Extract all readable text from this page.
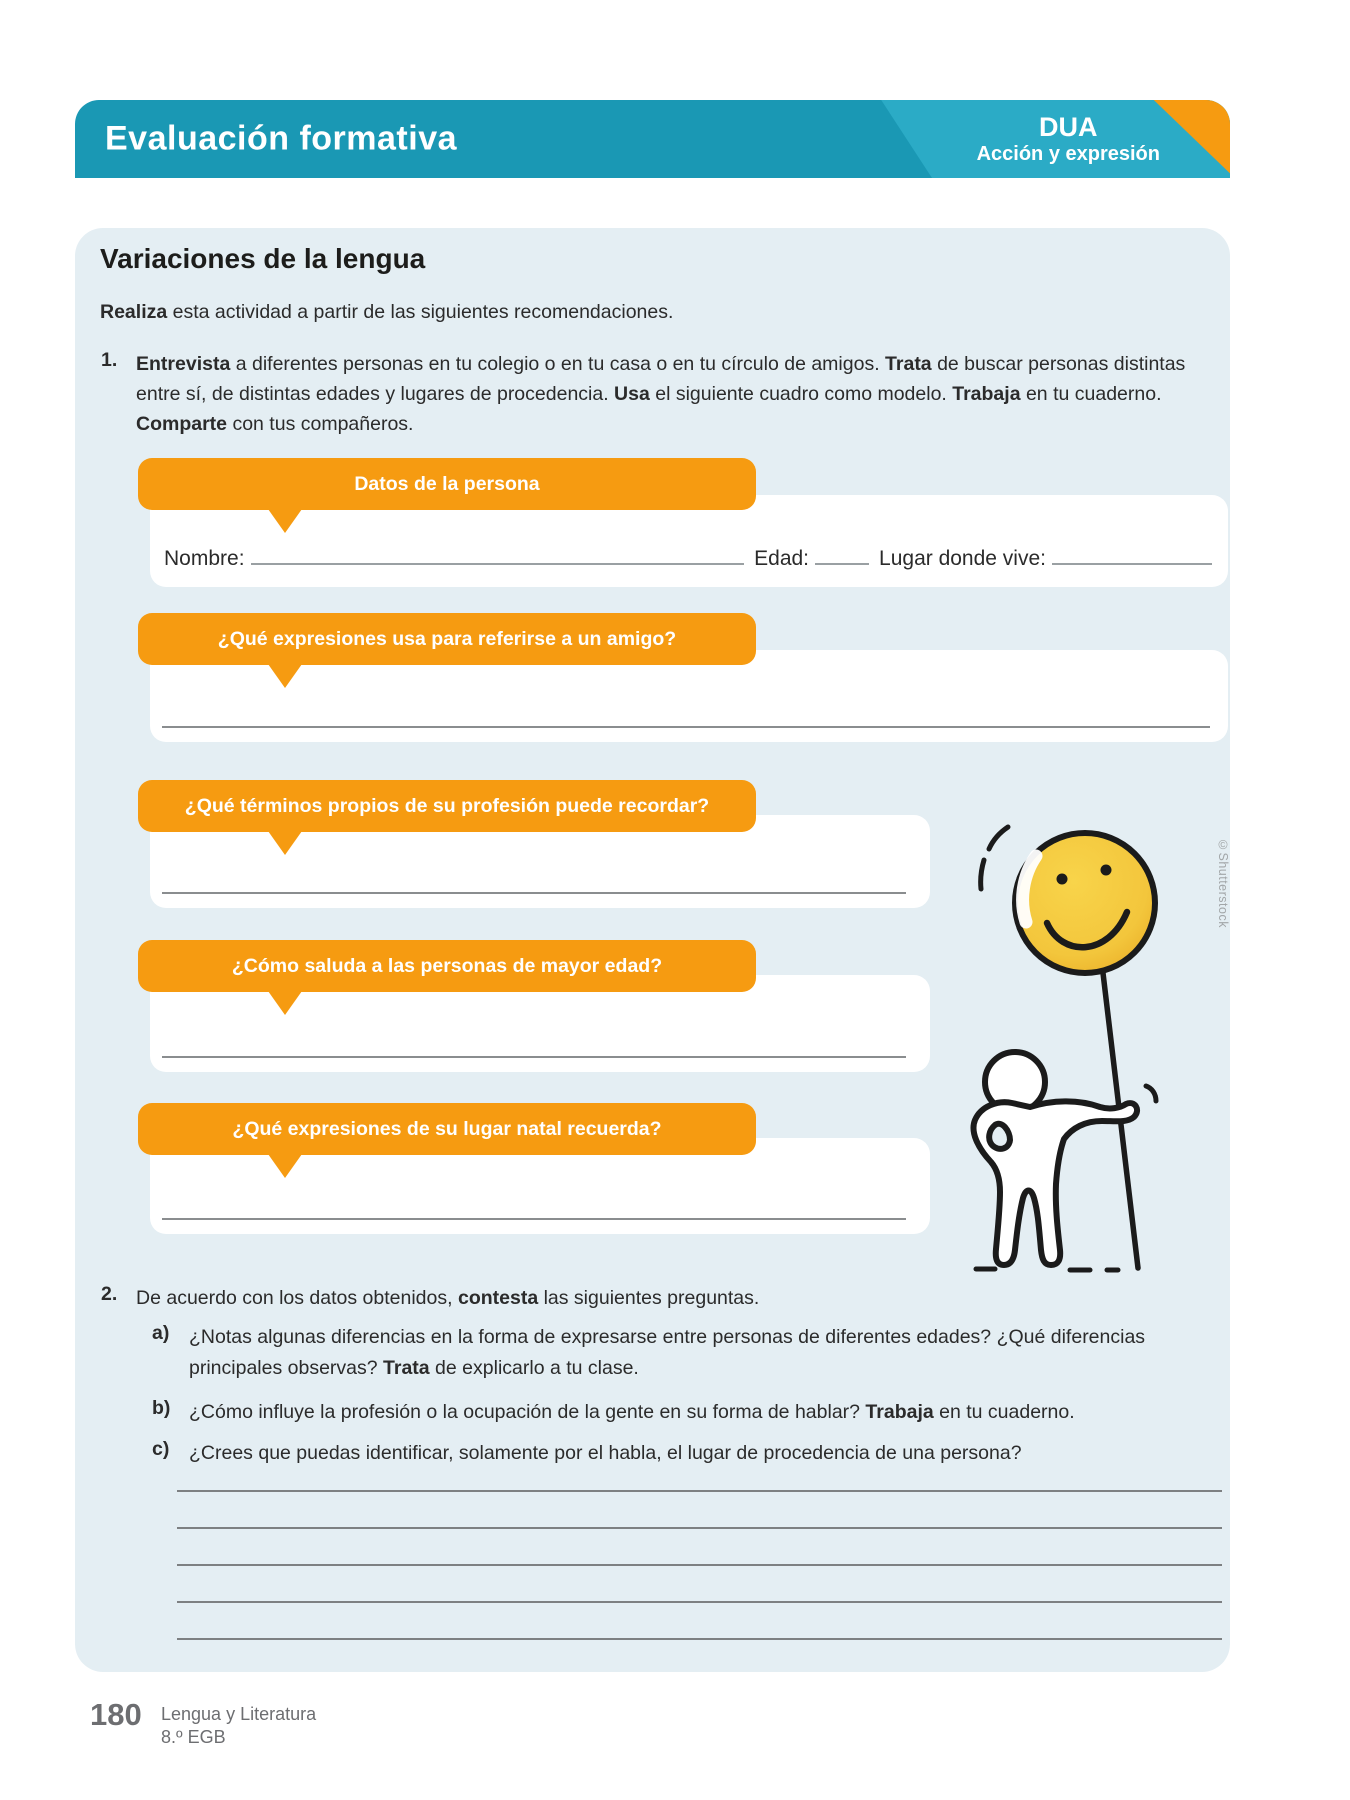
Evaluación formativa	DUA
Acción y expresión
Variaciones de la lengua
Realiza esta actividad a partir de las siguientes recomendaciones.
1. Entrevista a diferentes personas en tu colegio o en tu casa o en tu círculo de amigos. Trata de buscar personas distintas entre sí, de distintas edades y lugares de procedencia. Usa el siguiente cuadro como modelo. Trabaja en tu cuaderno. Comparte con tus compañeros.
Nombre:	Edad:	Lugar donde vive:
Datos de la persona
¿Qué expresiones usa para referirse a un amigo?
¿Qué términos propios de su profesión puede recordar?
¿Cómo saluda a las personas de mayor edad?
¿Qué expresiones de su lugar natal recuerda?
©Shutterstock
2. De acuerdo con los datos obtenidos, contesta las siguientes preguntas.
a) ¿Notas algunas diferencias en la forma de expresarse entre personas de diferentes edades? ¿Qué diferencias principales observas? Trata de explicarlo a tu clase.
b) ¿Cómo influye la profesión o la ocupación de la gente en su forma de hablar? Trabaja en tu cuaderno.
c) ¿Crees que puedas identificar, solamente por el habla, el lugar de procedencia de una persona?
180 Lengua y Literatura
8.º EGB
